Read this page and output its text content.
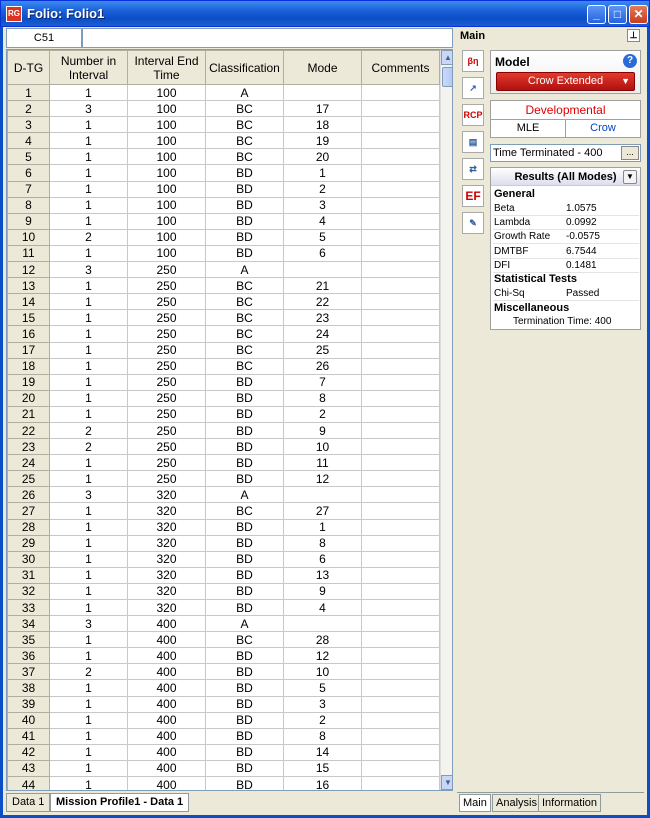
RG Folio: Folio1	_	□	✕
C51
D-TG	Number in Interval	Interval End Time	Classification	Mode	Comments
1	1	100	A		
2	3	100	BC	17	
3	1	100	BC	18	
4	1	100	BC	19	
5	1	100	BC	20	
6	1	100	BD	1	
7	1	100	BD	2	
8	1	100	BD	3	
9	1	100	BD	4	
10	2	100	BD	5	
11	1	100	BD	6	
12	3	250	A		
13	1	250	BC	21	
14	1	250	BC	22	
15	1	250	BC	23	
16	1	250	BC	24	
17	1	250	BC	25	
18	1	250	BC	26	
19	1	250	BD	7	
20	1	250	BD	8	
21	1	250	BD	2	
22	2	250	BD	9	
23	2	250	BD	10	
24	1	250	BD	11	
25	1	250	BD	12	
26	3	320	A		
27	1	320	BC	27	
28	1	320	BD	1	
29	1	320	BD	8	
30	1	320	BD	6	
31	1	320	BD	13	
32	1	320	BD	9	
33	1	320	BD	4	
34	3	400	A		
35	1	400	BC	28	
36	1	400	BD	12	
37	2	400	BD	10	
38	1	400	BD	5	
39	1	400	BD	3	
40	1	400	BD	2	
41	1	400	BD	8	
42	1	400	BD	14	
43	1	400	BD	15	
44	1	400	BD	16	
▲
▼
Data 1	Mission Profile1 - Data 1
Main	⊥
βη
↗
RCP
▤
⇄
EF
✎
Model	?
Crow Extended ▼
Developmental
MLE	Crow
Time Terminated - 400	...
Results (All Modes)	▼
General
Beta	1.0575
Lambda	0.0992
Growth Rate -0.0575
DMTBF	6.7544
DFI	0.1481
Statistical Tests
Chi-Sq	Passed
Miscellaneous
Termination Time: 400
Main Analysis Information
